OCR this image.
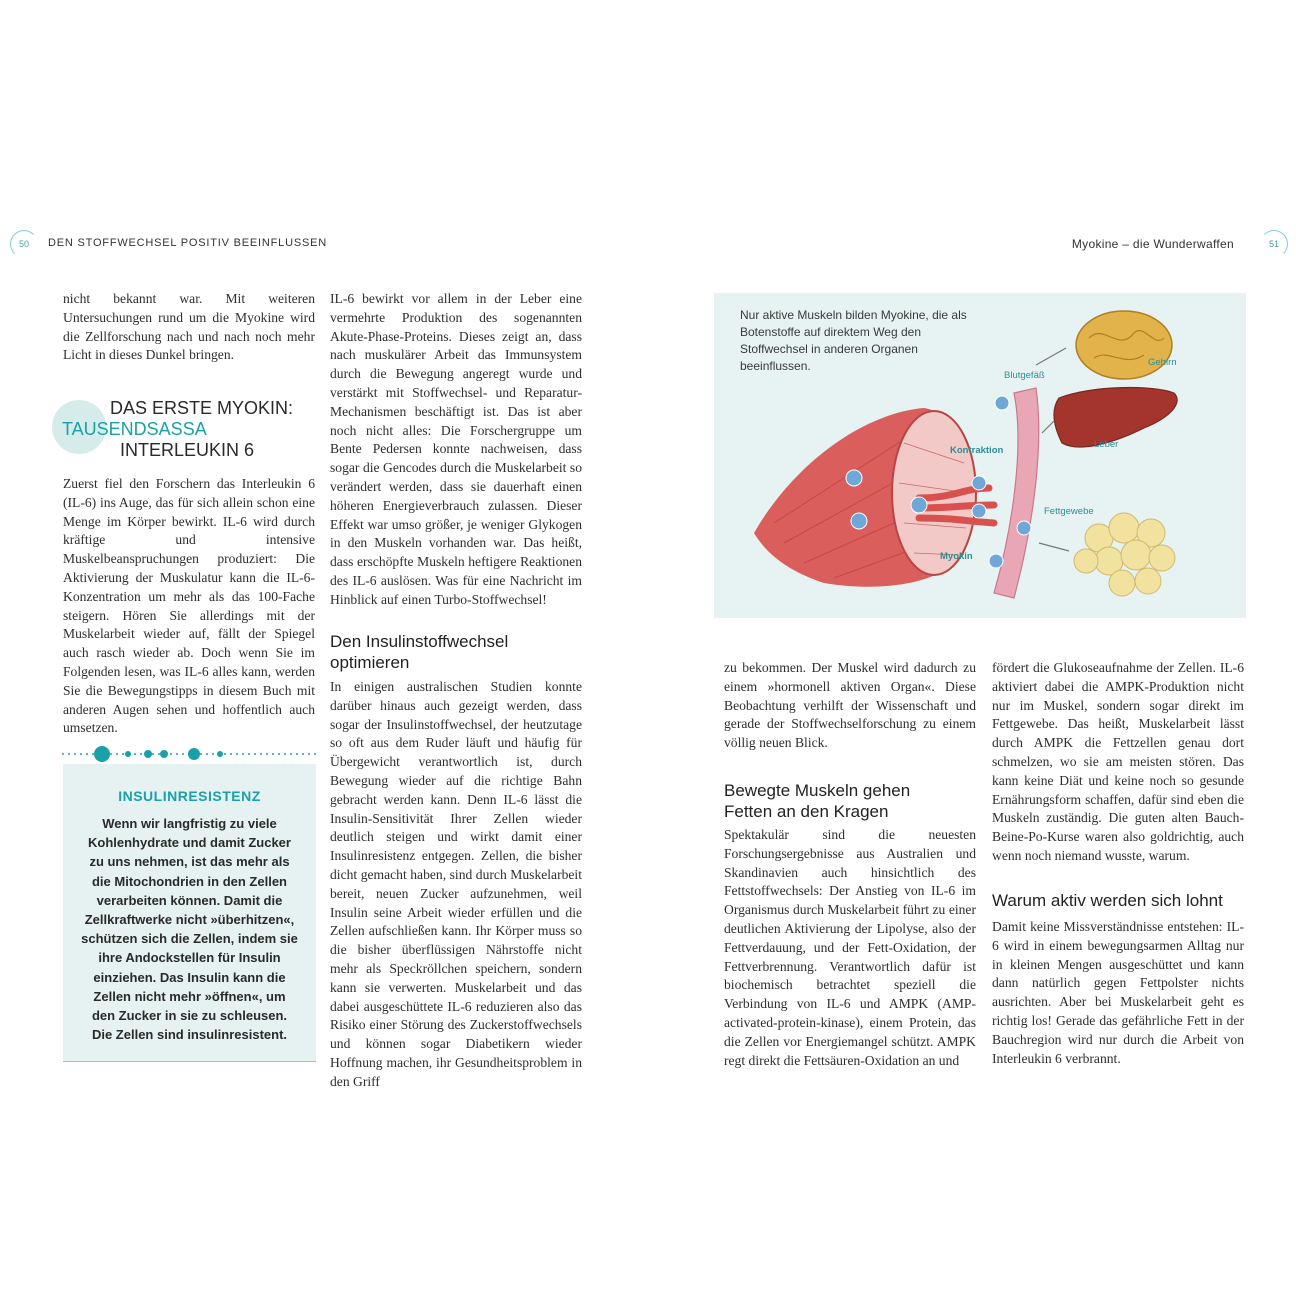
50 DEN STOFFWECHSEL POSITIV BEEINFLUSSEN	Myokine – die Wunderwaffen	51
nicht bekannt war. Mit weiteren Untersuchungen rund um die Myokine wird die Zellforschung nach und nach noch mehr Licht in dieses Dunkel bringen.
DAS ERSTE MYOKIN:
TAUSENDSASSA
INTERLEUKIN 6
Zuerst fiel den Forschern das Interleukin 6 (IL-6) ins Auge, das für sich allein schon eine Menge im Körper bewirkt. IL-6 wird durch kräftige und intensive Muskelbeanspruchungen produziert: Die Aktivierung der Muskulatur kann die IL-6-Konzentration um mehr als das 100-Fache steigern. Hören Sie allerdings mit der Muskelarbeit wieder auf, fällt der Spiegel auch rasch wieder ab. Doch wenn Sie im Folgenden lesen, was IL-6 alles kann, werden Sie die Bewegungstipps in diesem Buch mit anderen Augen sehen und hoffentlich auch umsetzen.
INSULINRESISTENZ
Wenn wir langfristig zu viele Kohlenhydrate und damit Zucker zu uns nehmen, ist das mehr als die Mitochondrien in den Zellen verarbeiten können. Damit die Zellkraftwerke nicht »überhitzen«, schützen sich die Zellen, indem sie ihre Andockstellen für Insulin einziehen. Das Insulin kann die Zellen nicht mehr »öffnen«, um den Zucker in sie zu schleusen. Die Zellen sind insulinresistent.
IL-6 bewirkt vor allem in der Leber eine vermehrte Produktion des sogenannten Akute-Phase-Proteins. Dieses zeigt an, dass nach muskulärer Arbeit das Immunsystem durch die Bewegung angeregt wurde und verstärkt mit Stoffwechsel- und Reparatur-Mechanismen beschäftigt ist. Das ist aber noch nicht alles: Die Forschergruppe um Bente Pedersen konnte nachweisen, dass sogar die Gencodes durch die Muskelarbeit so verändert werden, dass sie dauerhaft einen höheren Energieverbrauch zulassen. Dieser Effekt war umso größer, je weniger Glykogen in den Muskeln vorhanden war. Das heißt, dass erschöpfte Muskeln heftigere Reaktionen des IL-6 auslösen. Was für eine Nachricht im Hinblick auf einen Turbo-Stoffwechsel!
Den Insulinstoffwechsel
optimieren
In einigen australischen Studien konnte darüber hinaus auch gezeigt werden, dass sogar der Insulinstoffwechsel, der heutzutage so oft aus dem Ruder läuft und häufig für Übergewicht verantwortlich ist, durch Bewegung wieder auf die richtige Bahn gebracht werden kann. Denn IL-6 lässt die Insulin-Sensitivität Ihrer Zellen wieder deutlich steigen und wirkt damit einer Insulinresistenz entgegen. Zellen, die bisher dicht gemacht haben, sind durch Muskelarbeit bereit, neuen Zucker aufzunehmen, weil Insulin seine Arbeit wieder erfüllen und die Zellen aufschließen kann. Ihr Körper muss so die bisher überflüssigen Nährstoffe nicht mehr als Speckröllchen speichern, sondern kann sie verwerten. Muskelarbeit und das dabei ausgeschüttete IL-6 reduzieren also das Risiko einer Störung des Zuckerstoffwechsels und können sogar Diabetikern wieder Hoffnung machen, ihr Gesundheitsproblem in den Griff
Nur aktive Muskeln bilden Myokine, die als Botenstoffe auf direktem Weg den Stoffwechsel in anderen Organen beeinflussen.
Blutgefäß
Gehirn
Kontraktion
Leber
Fettgewebe
Myokin
zu bekommen. Der Muskel wird dadurch zu einem »hormonell aktiven Organ«. Diese Beobachtung verhilft der Wissenschaft und gerade der Stoffwechselforschung zu einem völlig neuen Blick.
Bewegte Muskeln gehen
Fetten an den Kragen
Spektakulär sind die neuesten Forschungsergebnisse aus Australien und Skandinavien auch hinsichtlich des Fettstoffwechsels: Der Anstieg von IL-6 im Organismus durch Muskelarbeit führt zu einer deutlichen Aktivierung der Lipolyse, also der Fettverdauung, und der Fett-Oxidation, der Fettverbrennung. Verantwortlich dafür ist biochemisch betrachtet speziell die Verbindung von IL-6 und AMPK (AMP-activated-protein-kinase), einem Protein, das die Zellen vor Energiemangel schützt. AMPK regt direkt die Fettsäuren-Oxidation an und
fördert die Glukoseaufnahme der Zellen. IL-6 aktiviert dabei die AMPK-Produktion nicht nur im Muskel, sondern sogar direkt im Fettgewebe. Das heißt, Muskelarbeit lässt durch AMPK die Fettzellen genau dort schmelzen, wo sie am meisten stören. Das kann keine Diät und keine noch so gesunde Ernährungsform schaffen, dafür sind eben die Muskeln zuständig. Die guten alten Bauch-Beine-Po-Kurse waren also goldrichtig, auch wenn noch niemand wusste, warum.
Warum aktiv werden sich lohnt
Damit keine Missverständnisse entstehen: IL-6 wird in einem bewegungsarmen Alltag nur in kleinen Mengen ausgeschüttet und kann dann natürlich gegen Fettpolster nichts ausrichten. Aber bei Muskelarbeit geht es richtig los! Gerade das gefährliche Fett in der Bauchregion wird nur durch die Arbeit von Interleukin 6 verbrannt.
